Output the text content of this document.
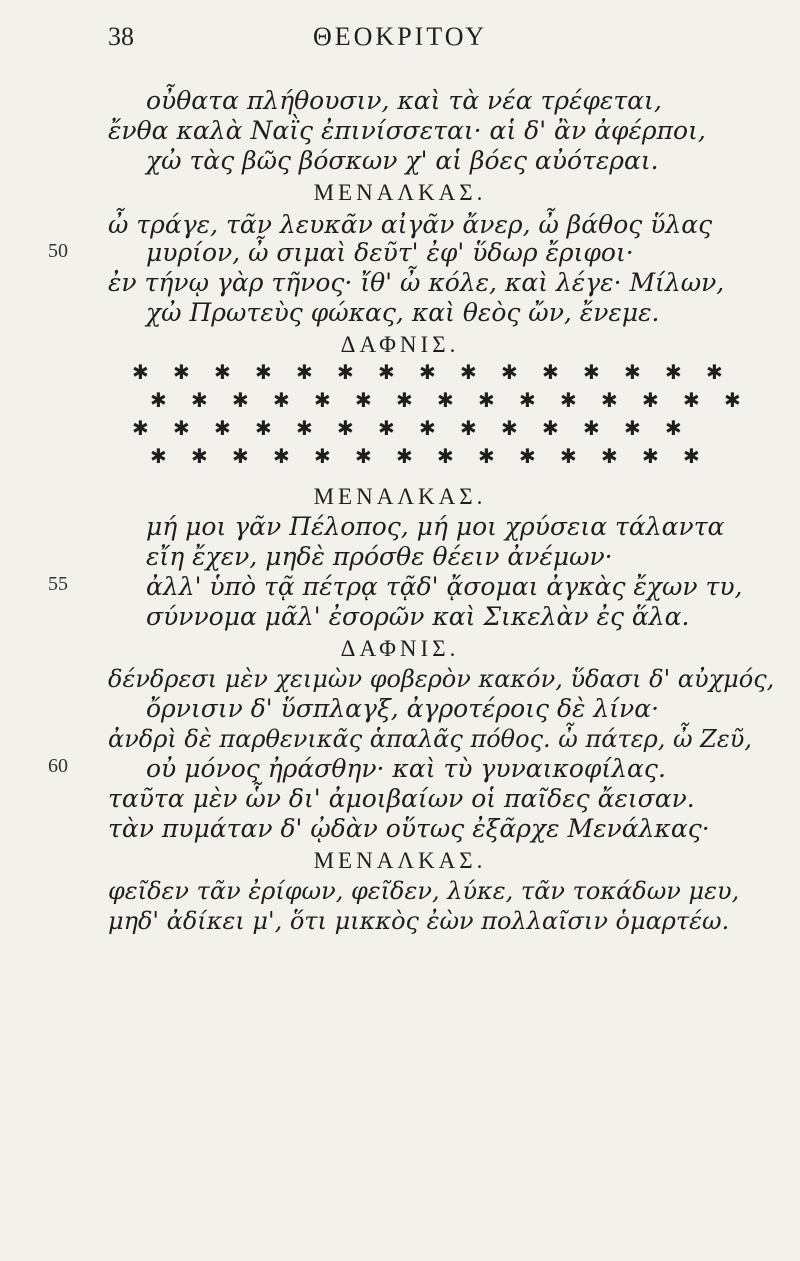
38	ΘΕΟΚΡΙΤΟΥ
οὖθατα πλήθουσιν, καὶ τὰ νέα τρέφεται,
ἔνθα καλὰ Ναῒς ἐπινίσσεται· αἱ δ' ἂν ἀφέρποι,
χὠ τὰς βῶς βόσκων χ' αἱ βόες αὐότεραι.
ΜΕΝΑΛΚΑΣ.
ὦ τράγε, τᾶν λευκᾶν αἰγᾶν ἄνερ, ὦ βάθος ὕλας
50	μυρίον, ὦ σιμαὶ δεῦτ' ἐφ' ὕδωρ ἔριφοι·
ἐν τήνῳ γὰρ τῆνος· ἴθ' ὦ κόλε, καὶ λέγε· Μίλων,
χὠ Πρωτεὺς φώκας, καὶ θεὸς ὤν, ἔνεμε.
ΔΑΦΝΙΣ.
✱ ✱ ✱ ✱ ✱ ✱ ✱ ✱ ✱ ✱ ✱ ✱ ✱ ✱ ✱
✱ ✱ ✱ ✱ ✱ ✱ ✱ ✱ ✱ ✱ ✱ ✱ ✱ ✱ ✱
✱ ✱ ✱ ✱ ✱ ✱ ✱ ✱ ✱ ✱ ✱ ✱ ✱ ✱
✱ ✱ ✱ ✱ ✱ ✱ ✱ ✱ ✱ ✱ ✱ ✱ ✱ ✱
ΜΕΝΑΛΚΑΣ.
μή μοι γᾶν Πέλοπος, μή μοι χρύσεια τάλαντα
εἴη ἔχεν, μηδὲ πρόσθε θέειν ἀνέμων·
55	ἀλλ' ὑπὸ τᾷ πέτρᾳ τᾷδ' ᾄσομαι ἀγκὰς ἔχων τυ,
σύννομα μᾶλ' ἐσορῶν καὶ Σικελὰν ἐς ἅλα.
ΔΑΦΝΙΣ.
δένδρεσι μὲν χειμὼν φοβερὸν κακόν, ὕδασι δ' αὐχμός,
ὄρνισιν δ' ὕσπλαγξ, ἀγροτέροις δὲ λίνα·
ἀνδρὶ δὲ παρθενικᾶς ἁπαλᾶς πόθος. ὦ πάτερ, ὦ Ζεῦ,
60	οὐ μόνος ἠράσθην· καὶ τὺ γυναικοφίλας.
ταῦτα μὲν ὧν δι' ἀμοιβαίων οἱ παῖδες ἄεισαν.
τὰν πυμάταν δ' ᾠδὰν οὕτως ἐξᾶρχε Μενάλκας·
ΜΕΝΑΛΚΑΣ.
φεῖδεν τᾶν ἐρίφων, φεῖδεν, λύκε, τᾶν τοκάδων μευ,
μηδ' ἀδίκει μ', ὅτι μικκὸς ἐὼν πολλαῖσιν ὁμαρτέω.
